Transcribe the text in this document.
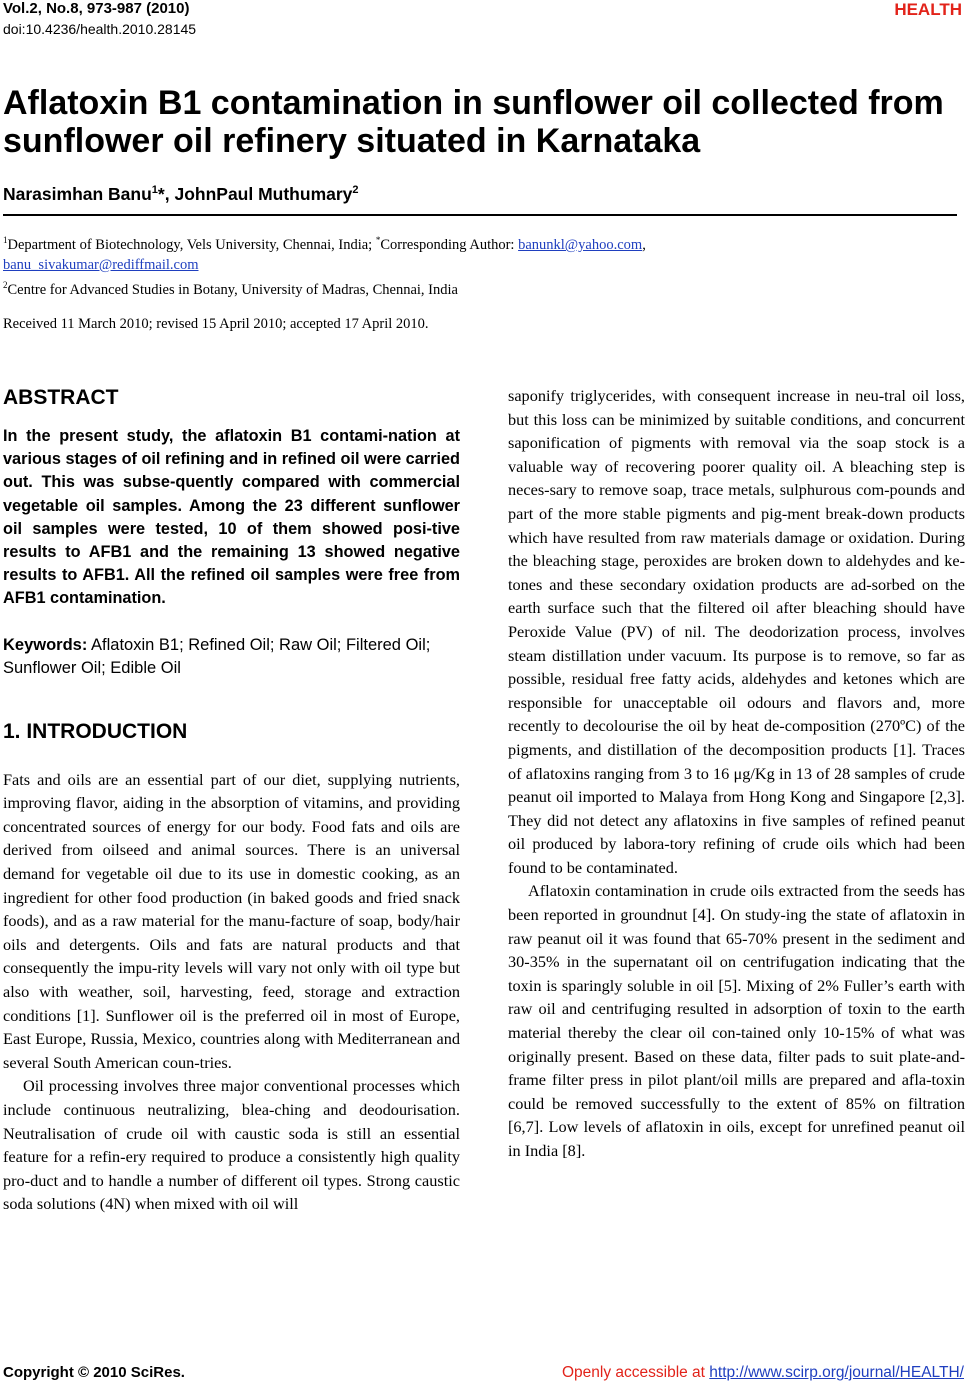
Vol.2, No.8, 973-987 (2010)
doi:10.4236/health.2010.28145
HEALTH
Aflatoxin B1 contamination in sunflower oil collected from sunflower oil refinery situated in Karnataka
Narasimhan Banu$^1$*, JohnPaul Muthumary$^2$
$^1$Department of Biotechnology, Vels University, Chennai, India; *Corresponding Author: banunkl@yahoo.com,
banu_sivakumar@rediffmail.com
$^2$Centre for Advanced Studies in Botany, University of Madras, Chennai, India
Received 11 March 2010; revised 15 April 2010; accepted 17 April 2010.
ABSTRACT
In the present study, the aflatoxin B1 contami-nation at various stages of oil refining and in refined oil were carried out. This was subse-quently compared with commercial vegetable oil samples. Among the 23 different sunflower oil samples were tested, 10 of them showed posi-tive results to AFB1 and the remaining 13 showed negative results to AFB1. All the refined oil samples were free from AFB1 contamination.
Keywords: Aflatoxin B1; Refined Oil; Raw Oil; Filtered Oil; Sunflower Oil; Edible Oil
1. INTRODUCTION

Fats and oils are an essential part of our diet, supplying nutrients, improving flavor, aiding in the absorption of vitamins, and providing concentrated sources of energy for our body. Food fats and oils are derived from oilseed and animal sources. There is an universal demand for vegetable oil due to its use in domestic cooking, as an ingredient for other food production (in baked goods and fried snack foods), and as a raw material for the manu-facture of soap, body/hair oils and detergents. Oils and fats are natural products and that consequently the impu-rity levels will vary not only with oil type but also with weather, soil, harvesting, feed, storage and extraction conditions [1]. Sunflower oil is the preferred oil in most of Europe, East Europe, Russia, Mexico, countries along with Mediterranean and several South American coun-tries.

Oil processing involves three major conventional processes which include continuous neutralizing, blea-ching and deodourisation. Neutralisation of crude oil with caustic soda is still an essential feature for a refin-ery required to produce a consistently high quality pro-duct and to handle a number of different oil types. Strong caustic soda solutions (4N) when mixed with oil will

saponify triglycerides, with consequent increase in neu-tral oil loss, but this loss can be minimized by suitable conditions, and concurrent saponification of pigments with removal via the soap stock is a valuable way of recovering poorer quality oil. A bleaching step is neces-sary to remove soap, trace metals, sulphurous com-pounds and part of the more stable pigments and pig-ment break-down products which have resulted from raw materials damage or oxidation. During the bleaching stage, peroxides are broken down to aldehydes and ke-tones and these secondary oxidation products are ad-sorbed on the earth surface such that the filtered oil after bleaching should have Peroxide Value (PV) of nil. The deodorization process, involves steam distillation under vacuum. Its purpose is to remove, so far as possible, residual free fatty acids, aldehydes and ketones which are responsible for unacceptable oil odours and flavors and, more recently to decolourise the oil by heat de-composition (270ºC) of the pigments, and distillation of the decomposition products [1]. Traces of aflatoxins ranging from 3 to 16 μg/Kg in 13 of 28 samples of crude peanut oil imported to Malaya from Hong Kong and Singapore [2,3]. They did not detect any aflatoxins in five samples of refined peanut oil produced by labora-tory refining of crude oils which had been found to be contaminated.

Aflatoxin contamination in crude oils extracted from the seeds has been reported in groundnut [4]. On study-ing the state of aflatoxin in raw peanut oil it was found that 65-70% present in the sediment and 30-35% in the supernatant oil on centrifugation indicating that the toxin is sparingly soluble in oil [5]. Mixing of 2% Fuller’s earth with raw oil and centrifuging resulted in adsorption of toxin to the earth material thereby the clear oil con-tained only 10-15% of what was originally present. Based on these data, filter pads to suit plate-and-frame filter press in pilot plant/oil mills are prepared and afla-toxin could be removed successfully to the extent of 85% on filtration [6,7]. Low levels of aflatoxin in oils, except for unrefined peanut oil in India [8].

Copyright © 2010 SciRes.	Openly accessible at http://www.scirp.org/journal/HEALTH/
